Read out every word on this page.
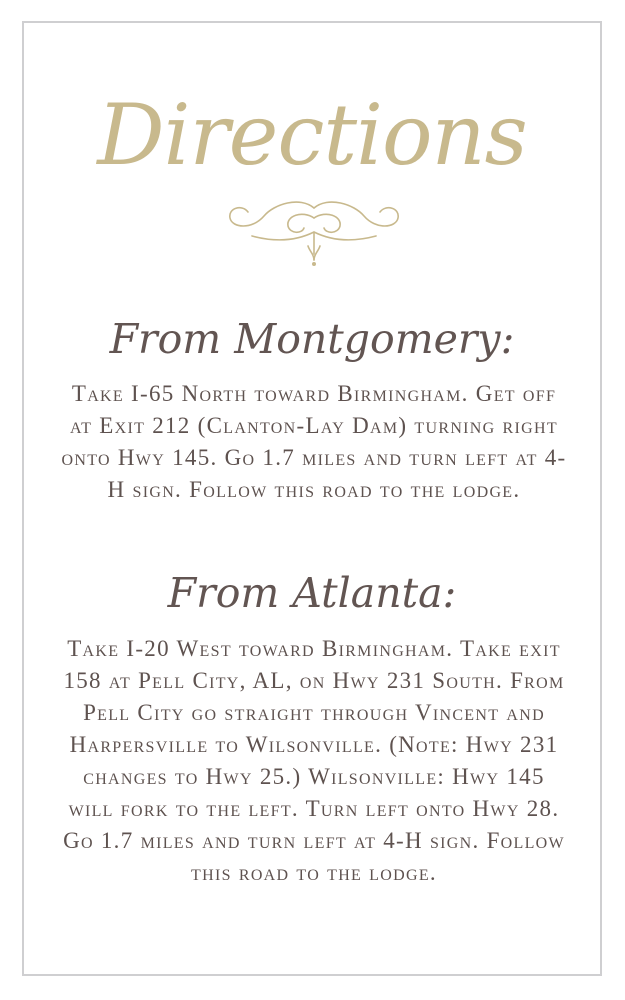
Directions
From Montgomery:
Take I-65 North toward Birmingham. Get off at Exit 212 (Clanton-Lay Dam) turning right onto Hwy 145. Go 1.7 miles and turn left at 4-H sign. Follow this road to the lodge.
From Atlanta:
Take I-20 West toward Birmingham. Take exit 158 at Pell City, AL, on Hwy 231 South. From Pell City go straight through Vincent and Harpersville to Wilsonville. (Note: Hwy 231 changes to Hwy 25.) Wilsonville: Hwy 145 will fork to the left. Turn left onto Hwy 28. Go 1.7 miles and turn left at 4-H sign. Follow this road to the lodge.
